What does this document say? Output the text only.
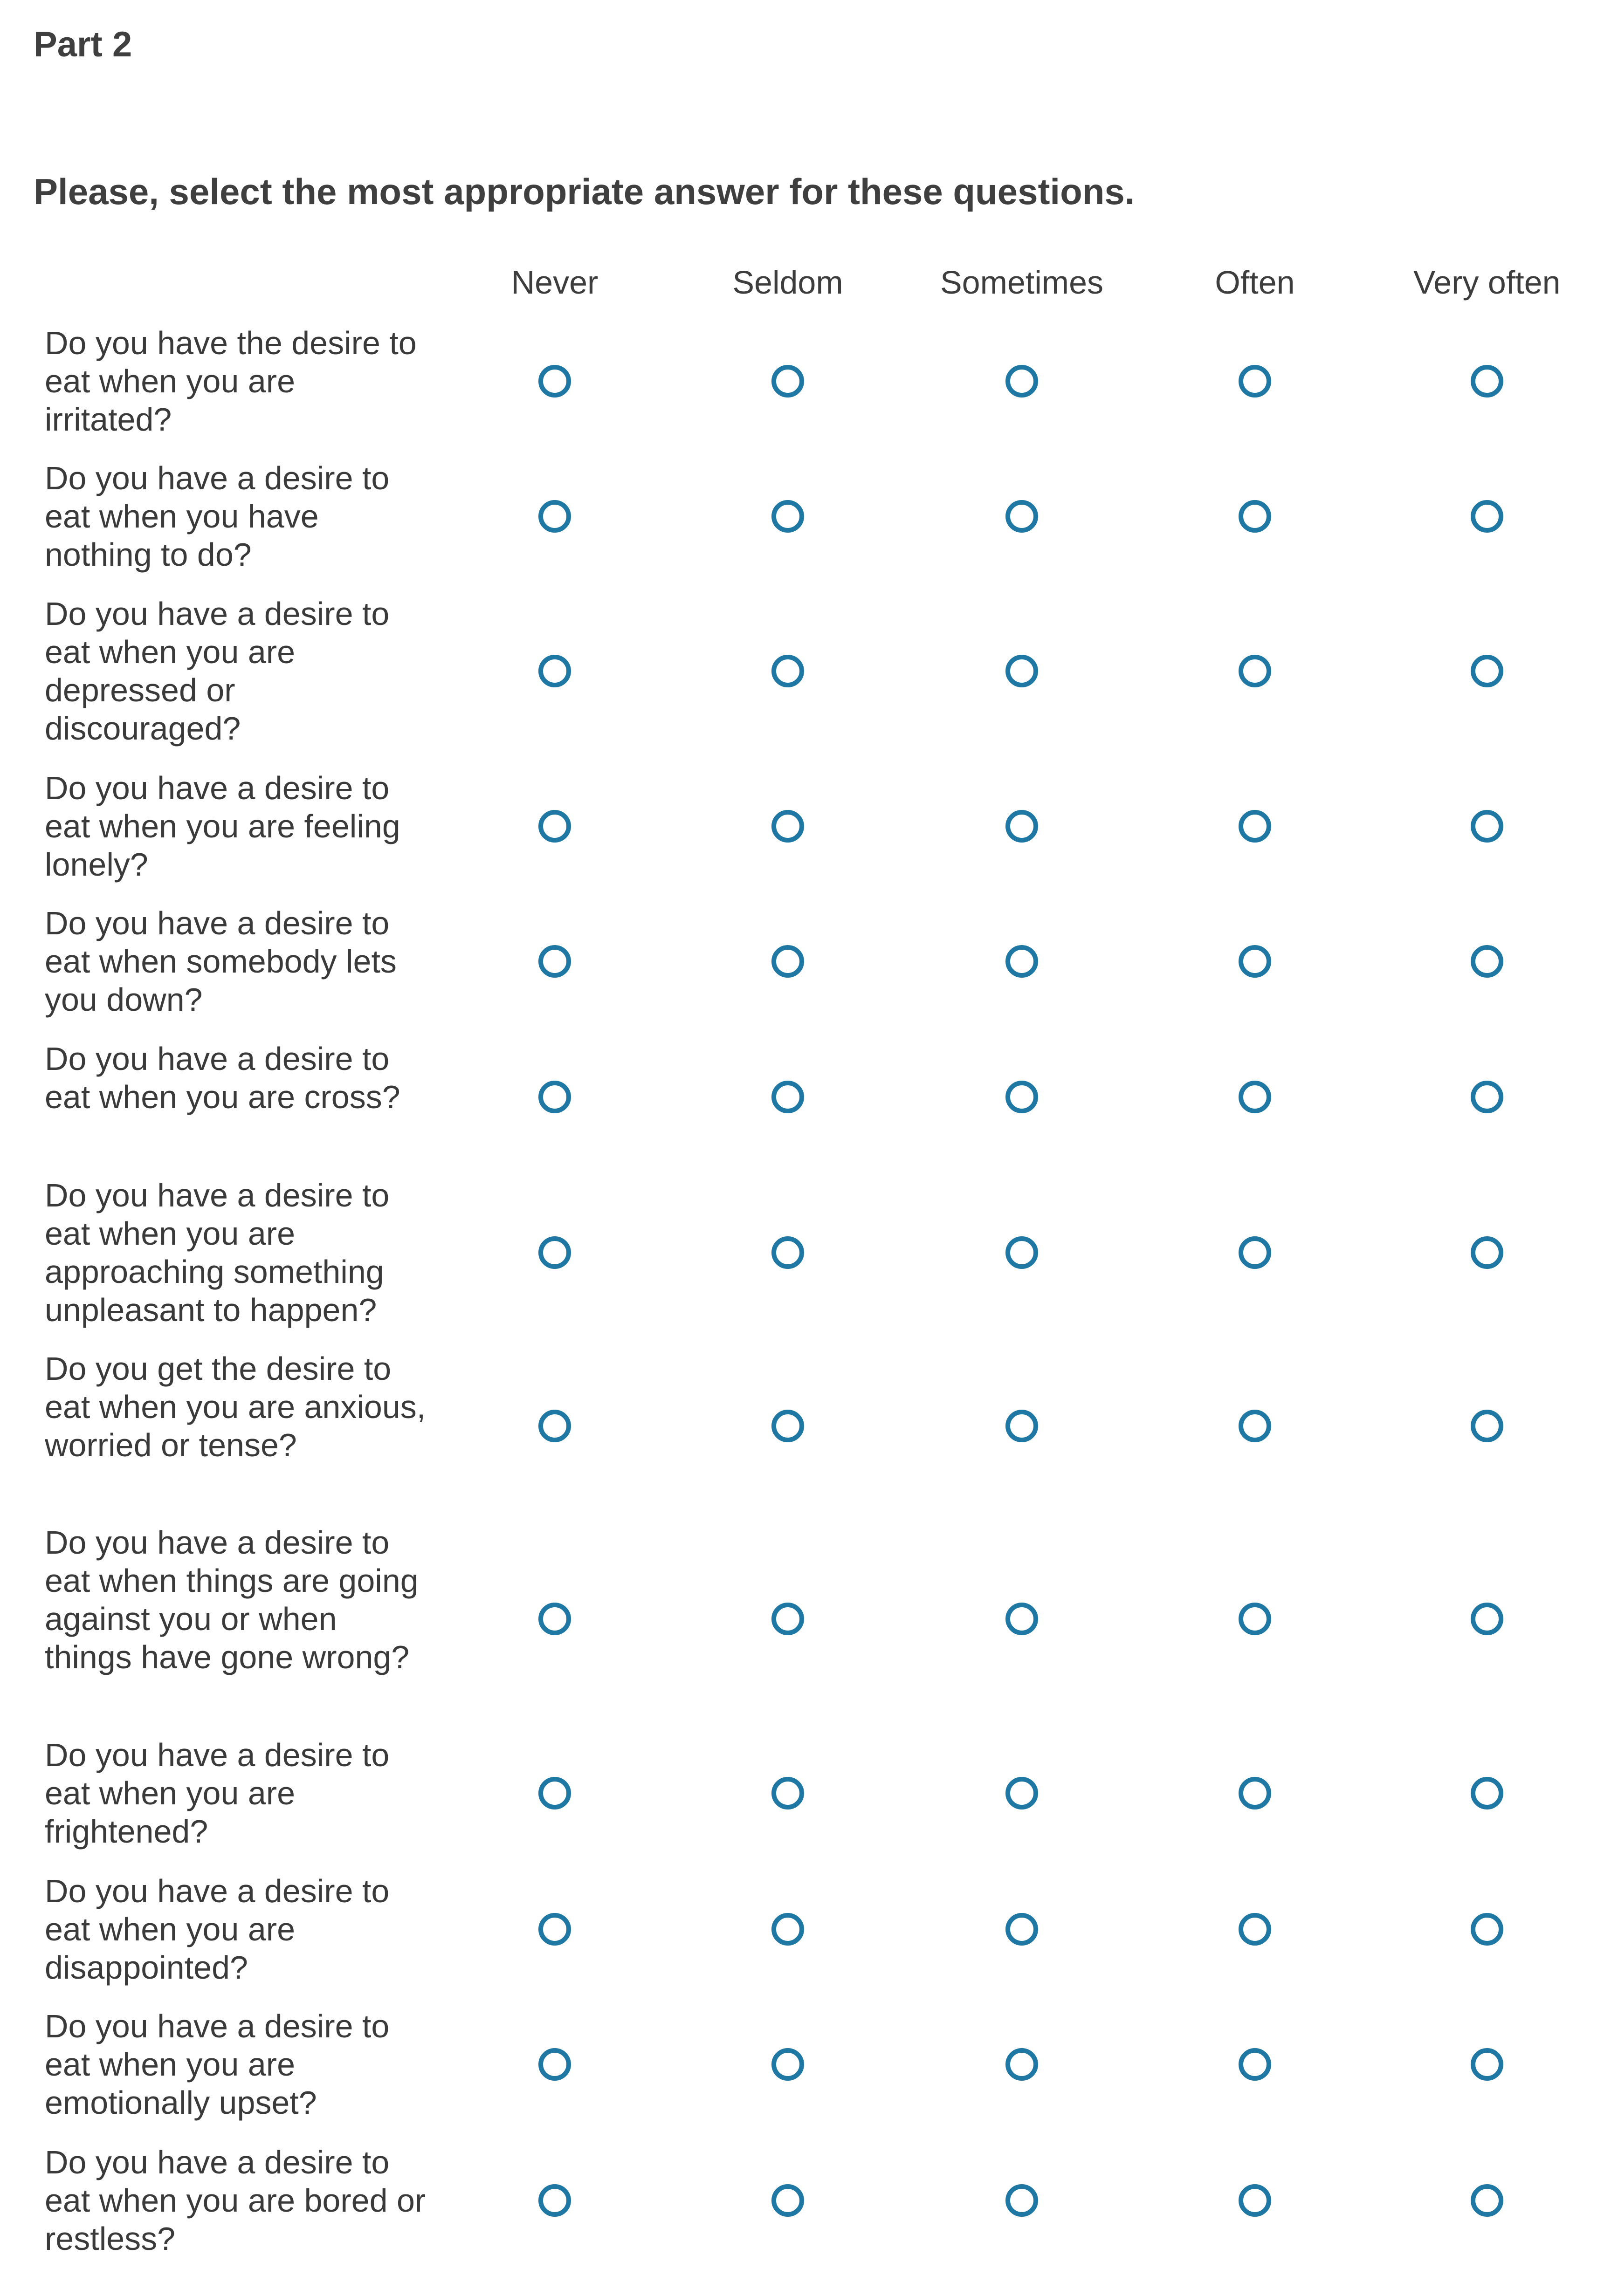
Part 2
Please, select the most appropriate answer for these questions.
Never	Seldom	Sometimes	Often	Very often
Do you have the desire to eat when you are irritated?
Do you have a desire to eat when you have nothing to do?
Do you have a desire to eat when you are depressed or discouraged?
Do you have a desire to eat when you are feeling lonely?
Do you have a desire to eat when somebody lets you down?
Do you have a desire to eat when you are cross?
Do you have a desire to eat when you are approaching something unpleasant to happen?
Do you get the desire to eat when you are anxious, worried or tense?
Do you have a desire to eat when things are going against you or when things have gone wrong?
Do you have a desire to eat when you are frightened?
Do you have a desire to eat when you are disappointed?
Do you have a desire to eat when you are emotionally upset?
Do you have a desire to eat when you are bored or restless?
